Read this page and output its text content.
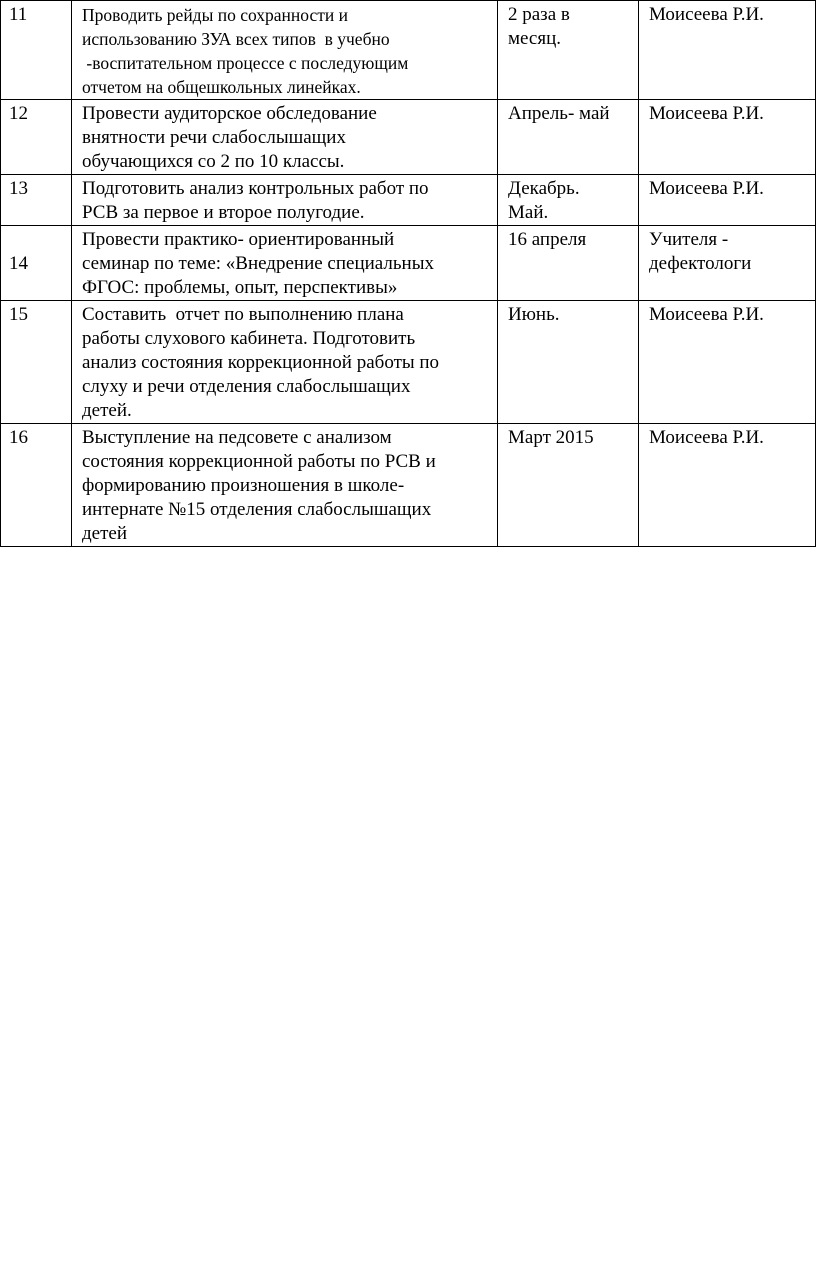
11	Проводить рейды по сохранности и
использованию ЗУА всех типов  в учебно
-воспитательном процессе с последующим
отчетом на общешкольных линейках.	2 раза в
месяц.	Моисеева Р.И.

12	Провести аудиторское обследование
внятности речи слабослышащих
обучающихся со 2 по 10 классы.	Апрель- май	Моисеева Р.И.

13	Подготовить анализ контрольных работ по
РСВ за первое и второе полугодие.	Декабрь.
Май.	Моисеева Р.И.

14	Провести практико- ориентированный
семинар по теме: «Внедрение специальных
ФГОС: проблемы, опыт, перспективы»	16 апреля	Учителя -
дефектологи

15	Составить  отчет по выполнению плана
работы слухового кабинета. Подготовить
анализ состояния коррекционной работы по
слуху и речи отделения слабослышащих
детей.	Июнь.	Моисеева Р.И.

16	Выступление на педсовете с анализом
состояния коррекционной работы по РСВ и
формированию произношения в школе-
интернате №15 отделения слабослышащих
детей	Март 2015	Моисеева Р.И.
